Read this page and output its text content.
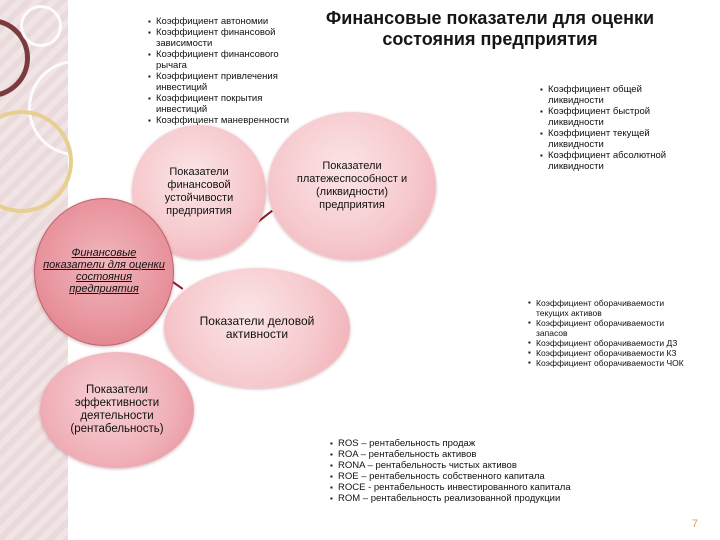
Финансовые показатели для оценки состояния предприятия
Показатели финансовой устойчивости предприятия
Показатели платежеспособност и (ликвидности) предприятия
Показатели деловой активности
Показатели эффективности деятельности (рентабельность)
Финансовые показатели для оценки состояния предприятия
▪ Коэффициент автономии
▪ Коэффициент финансовой зависимости
▪ Коэффициент финансового рычага
▪ Коэффициент привлечения инвестиций
▪ Коэффициент покрытия инвестиций
▪ Коэффициент маневренности
▪ Коэффициент общей ликвидности
▪ Коэффициент быстрой ликвидности
▪ Коэффициент текущей ликвидности
▪ Коэффициент абсолютной ликвидности
▪ Коэффициент оборачиваемости текущих активов
▪ Коэффициент оборачиваемости запасов
▪ Коэффициент оборачиваемости ДЗ
▪ Коэффициент оборачиваемости КЗ
▪ Коэффициент оборачиваемости ЧОК
▪ ROS – рентабельность продаж
▪ ROA – рентабельность активов
▪ RONA – рентабельность чистых активов
▪ ROE – рентабельность собственного капитала
▪ ROCE - рентабельность инвестированного капитала
▪ ROM – рентабельность реализованной продукции
7
